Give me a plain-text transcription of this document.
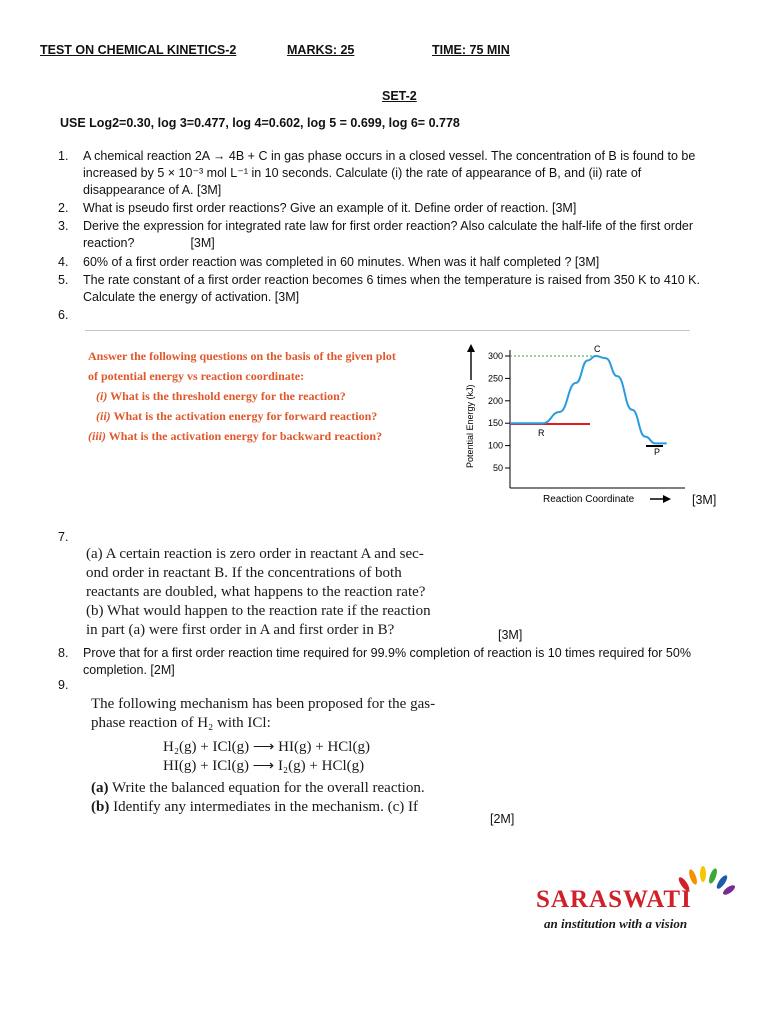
TEST ON CHEMICAL KINETICS-2	MARKS: 25	TIME: 75 MIN
SET-2
USE Log2=0.30, log 3=0.477, log 4=0.602, log 5 = 0.699, log 6= 0.778
1. A chemical reaction 2A → 4B + C in gas phase occurs in a closed vessel. The concentration of B is found to be
increased by 5 × 10⁻³ mol L⁻¹ in 10 seconds. Calculate (i) the rate of appearance of B, and (ii) rate of
disappearance of A. [3M]
2. What is pseudo first order reactions? Give an example of it. Define order of reaction. [3M]
3. Derive the expression for integrated rate law for first order reaction? Also calculate the half-life of the first order
reaction?	[3M]
4. 60% of a first order reaction was completed in 60 minutes. When was it half completed ? [3M]
5. The rate constant of a first order reaction becomes 6 times when the temperature is raised from 350 K to 410 K.
Calculate the energy of activation. [3M]
6.
Answer the following questions on the basis of the given plot
of potential energy vs reaction coordinate:
(i) What is the threshold energy for the reaction?
(ii) What is the activation energy for forward reaction?
(iii) What is the activation energy for backward reaction?	Potential Energy (kJ)
300
250
200
150
100
50
C
R
P
Reaction Coordinate	[3M]
7.
(a) A certain reaction is zero order in reactant A and sec-
ond order in reactant B. If the concentrations of both
reactants are doubled, what happens to the reaction rate?
(b) What would happen to the reaction rate if the reaction
in part (a) were first order in A and first order in B?	[3M]
8. Prove that for a first order reaction time required for 99.9% completion of reaction is 10 times required for 50%
completion. [2M]
9.
The following mechanism has been proposed for the gas-
phase reaction of H₂ with ICl:
H₂(g) + ICl(g) ⟶ HI(g) + HCl(g)
HI(g) + ICl(g) ⟶ I₂(g) + HCl(g)
(a) Write the balanced equation for the overall reaction.
(b) Identify any intermediates in the mechanism. (c) If
[2M]
SARASWATI
an institution with a vision
